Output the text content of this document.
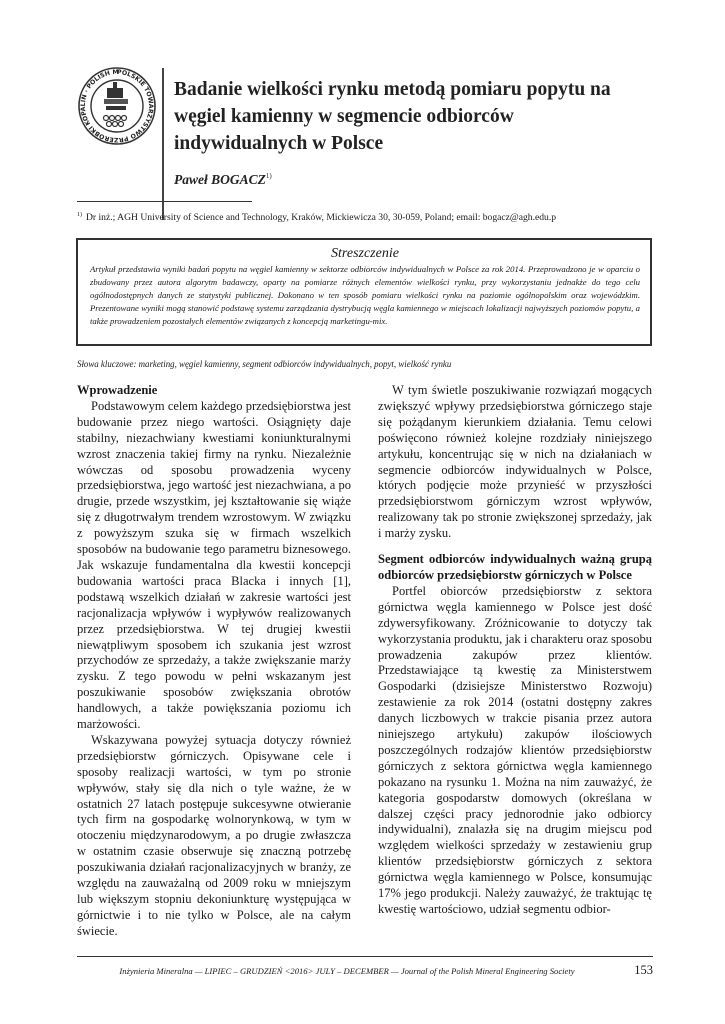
POLSKIE TOWARZYSTWO PRZERÓBKI KOPALIN · POLISH M
Badanie wielkości rynku metodą pomiaru popytu na węgiel kamienny w segmencie odbiorców indywidualnych w Polsce
Paweł BOGACZ$^{1)}$
$^{1)}$ Dr inż.; AGH University of Science and Technology, Kraków, Mickiewicza 30, 30-059, Poland; email: bogacz@agh.edu.p
Streszczenie

Artykuł przedstawia wyniki badań popytu na węgiel kamienny w sektorze odbiorców indywidualnych w Polsce za rok 2014. Przeprowadzono je w oparciu o zbudowany przez autora algorytm badawczy, oparty na pomiarze różnych elementów wielkości rynku, przy wykorzystaniu jednakże do tego celu ogólnodostępnych danych ze statystyki publicznej. Dokonano w ten sposób pomiaru wielkości rynku na poziomie ogólnopolskim oraz wojewódzkim. Prezentowane wyniki mogą stanowić podstawę systemu zarządzania dystrybucją węgla kamiennego w miejscach lokalizacji najwyższych poziomów popytu, a także prowadzeniem pozostałych elementów związanych z koncepcją marketingu-mix.

Słowa kluczowe: marketing, węgiel kamienny, segment odbiorców indywidualnych, popyt, wielkość rynku
Wprowadzenie

Podstawowym celem każdego przedsiębiorstwa jest budowanie przez niego wartości. Osiągnięty daje stabilny, niezachwiany kwestiami koniunkturalnymi wzrost znaczenia takiej firmy na rynku. Niezależnie wówczas od sposobu prowadzenia wyceny przedsiębiorstwa, jego wartość jest niezachwiana, a po drugie, przede wszystkim, jej kształtowanie się wiąże się z długotrwałym trendem wzrostowym. W związku z powyższym szuka się w firmach wszelkich sposobów na budowanie tego parametru biznesowego. Jak wskazuje fundamentalna dla kwestii koncepcji budowania wartości praca Blacka i innych [1], podstawą wszelkich działań w zakresie wartości jest racjonalizacja wpływów i wypływów realizowanych przez przedsiębiorstwa. W tej drugiej kwestii niewątpliwym sposobem ich szukania jest wzrost przychodów ze sprzedaży, a także zwiększanie marży zysku. Z tego powodu w pełni wskazanym jest poszukiwanie sposobów zwiększania obrotów handlowych, a także powiększania poziomu ich marżowości.

Wskazywana powyżej sytuacja dotyczy również przedsiębiorstw górniczych. Opisywane cele i sposoby realizacji wartości, w tym po stronie wpływów, stały się dla nich o tyle ważne, że w ostatnich 27 latach postępuje sukcesywne otwieranie tych firm na gospodarkę wolnorynkową, w tym w otoczeniu międzynarodowym, a po drugie zwłaszcza w ostatnim czasie obserwuje się znaczną potrzebę poszukiwania działań racjonalizacyjnych w branży, ze względu na zauważalną od 2009 roku w mniejszym lub większym stopniu dekoniunkturę występująca w górnictwie i to nie tylko w Polsce, ale na całym świecie.

W tym świetle poszukiwanie rozwiązań mogących zwiększyć wpływy przedsiębiorstwa górniczego staje się pożądanym kierunkiem działania. Temu celowi poświęcono również kolejne rozdziały niniejszego artykułu, koncentrując się w nich na działaniach w segmencie odbiorców indywidualnych w Polsce, których podjęcie może przynieść w przyszłości przedsiębiorstwom górniczym wzrost wpływów, realizowany tak po stronie zwiększonej sprzedaży, jak i marży zysku.

Segment odbiorców indywidualnych ważną grupą odbiorców przedsiębiorstw górniczych w Polsce

Portfel obiorców przedsiębiorstw z sektora górnictwa węgla kamiennego w Polsce jest dość zdywersyfikowany. Zróżnicowanie to dotyczy tak wykorzystania produktu, jak i charakteru oraz sposobu prowadzenia zakupów przez klientów. Przedstawiające tą kwestię za Ministerstwem Gospodarki (dzisiejsze Ministerstwo Rozwoju) zestawienie za rok 2014 (ostatni dostępny zakres danych liczbowych w trakcie pisania przez autora niniejszego artykułu) zakupów ilościowych poszczególnych rodzajów klientów przedsiębiorstw górniczych z sektora górnictwa węgla kamiennego pokazano na rysunku 1. Można na nim zauważyć, że kategoria gospodarstw domowych (określana w dalszej części pracy jednorodnie jako odbiorcy indywidualni), znalazła się na drugim miejscu pod względem wielkości sprzedaży w zestawieniu grup klientów przedsiębiorstw górniczych z sektora górnictwa węgla kamiennego w Polsce, konsumując 17% jego produkcji. Należy zauważyć, że traktując tę kwestię wartościowo, udział segmentu odbior-

Inżynieria Mineralna — LIPIEC – GRUDZIEŃ <2016> JULY – DECEMBER — Journal of the Polish Mineral Engineering Society	153
